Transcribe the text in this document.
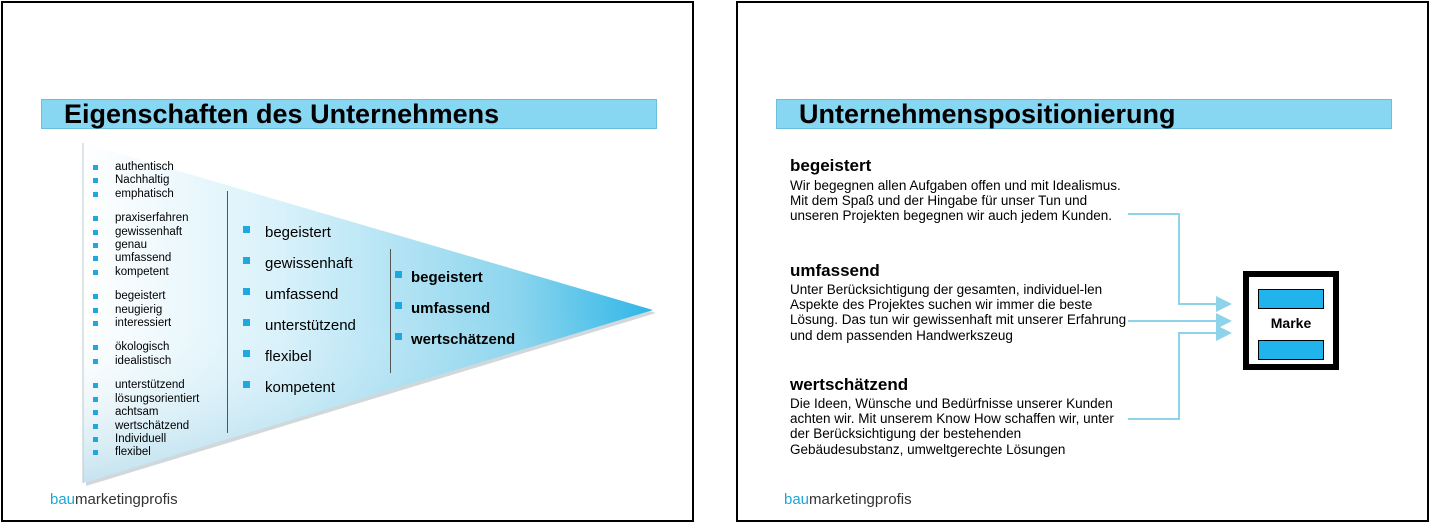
Eigenschaften des Unternehmens
authentisch
Nachhaltig
emphatisch
praxiserfahren
gewissenhaft
genau
umfassend
kompetent
begeistert
neugierig
interessiert
ökologisch
idealistisch
unterstützend
lösungsorientiert
achtsam
wertschätzend
Individuell
flexibel
begeistert
gewissenhaft
umfassend
unterstützend
flexibel
kompetent
begeistert
umfassend
wertschätzend
baumarketingprofis
Unternehmenspositionierung
begeistert
Wir begegnen allen Aufgaben offen und mit Idealismus. Mit dem Spaß und der Hingabe für unser Tun und unseren Projekten begegnen wir auch jedem Kunden.
umfassend
Unter Berücksichtigung der gesamten, individuel-len Aspekte des Projektes suchen wir immer die beste Lösung. Das tun wir gewissenhaft mit unserer Erfahrung und dem passenden Handwerkszeug
wertschätzend
Die Ideen, Wünsche und Bedürfnisse unserer Kunden achten wir. Mit unserem Know How schaffen wir, unter der Berücksichtigung der bestehenden Gebäudesubstanz, umweltgerechte Lösungen
Marke
baumarketingprofis
